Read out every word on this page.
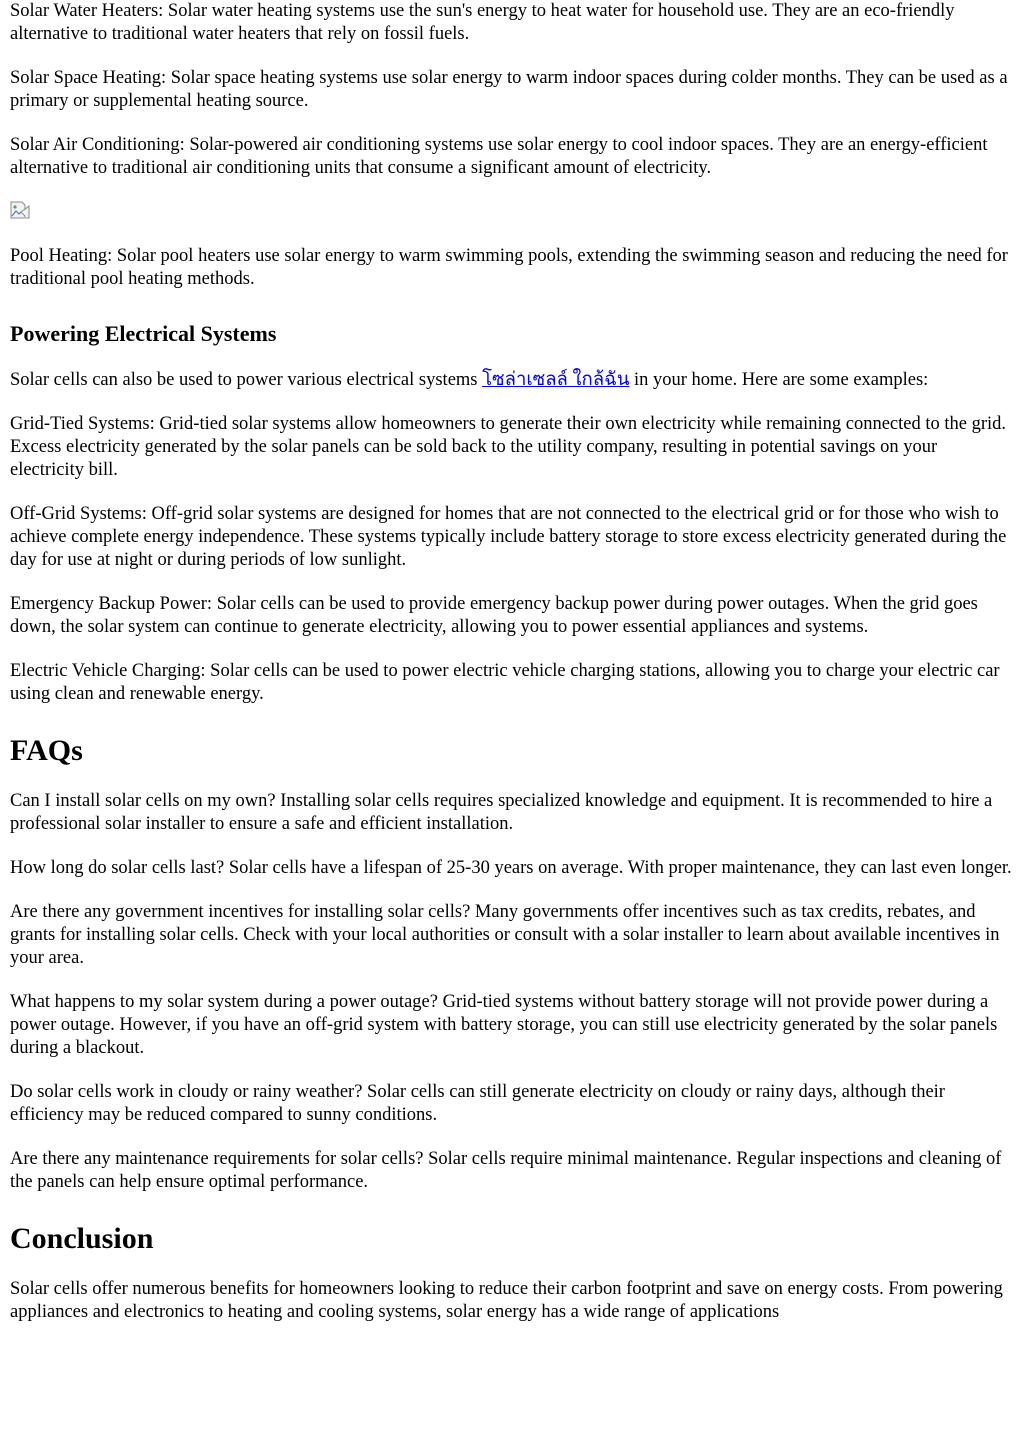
Solar Water Heaters: Solar water heating systems use the sun's energy to heat water for household use. They are an eco-friendly alternative to traditional water heaters that rely on fossil fuels.

Solar Space Heating: Solar space heating systems use solar energy to warm indoor spaces during colder months. They can be used as a primary or supplemental heating source.

Solar Air Conditioning: Solar-powered air conditioning systems use solar energy to cool indoor spaces. They are an energy-efficient alternative to traditional air conditioning units that consume a significant amount of electricity.

Pool Heating: Solar pool heaters use solar energy to warm swimming pools, extending the swimming season and reducing the need for traditional pool heating methods.

Powering Electrical Systems

Solar cells can also be used to power various electrical systems โซล่าเซลล์ ใกล้ฉัน in your home. Here are some examples:

Grid-Tied Systems: Grid-tied solar systems allow homeowners to generate their own electricity while remaining connected to the grid. Excess electricity generated by the solar panels can be sold back to the utility company, resulting in potential savings on your electricity bill.

Off-Grid Systems: Off-grid solar systems are designed for homes that are not connected to the electrical grid or for those who wish to achieve complete energy independence. These systems typically include battery storage to store excess electricity generated during the day for use at night or during periods of low sunlight.

Emergency Backup Power: Solar cells can be used to provide emergency backup power during power outages. When the grid goes down, the solar system can continue to generate electricity, allowing you to power essential appliances and systems.

Electric Vehicle Charging: Solar cells can be used to power electric vehicle charging stations, allowing you to charge your electric car using clean and renewable energy.

FAQs

Can I install solar cells on my own? Installing solar cells requires specialized knowledge and equipment. It is recommended to hire a professional solar installer to ensure a safe and efficient installation.

How long do solar cells last? Solar cells have a lifespan of 25-30 years on average. With proper maintenance, they can last even longer.

Are there any government incentives for installing solar cells? Many governments offer incentives such as tax credits, rebates, and grants for installing solar cells. Check with your local authorities or consult with a solar installer to learn about available incentives in your area.

What happens to my solar system during a power outage? Grid-tied systems without battery storage will not provide power during a power outage. However, if you have an off-grid system with battery storage, you can still use electricity generated by the solar panels during a blackout.

Do solar cells work in cloudy or rainy weather? Solar cells can still generate electricity on cloudy or rainy days, although their efficiency may be reduced compared to sunny conditions.

Are there any maintenance requirements for solar cells? Solar cells require minimal maintenance. Regular inspections and cleaning of the panels can help ensure optimal performance.

Conclusion

Solar cells offer numerous benefits for homeowners looking to reduce their carbon footprint and save on energy costs. From powering appliances and electronics to heating and cooling systems, solar energy has a wide range of applications
